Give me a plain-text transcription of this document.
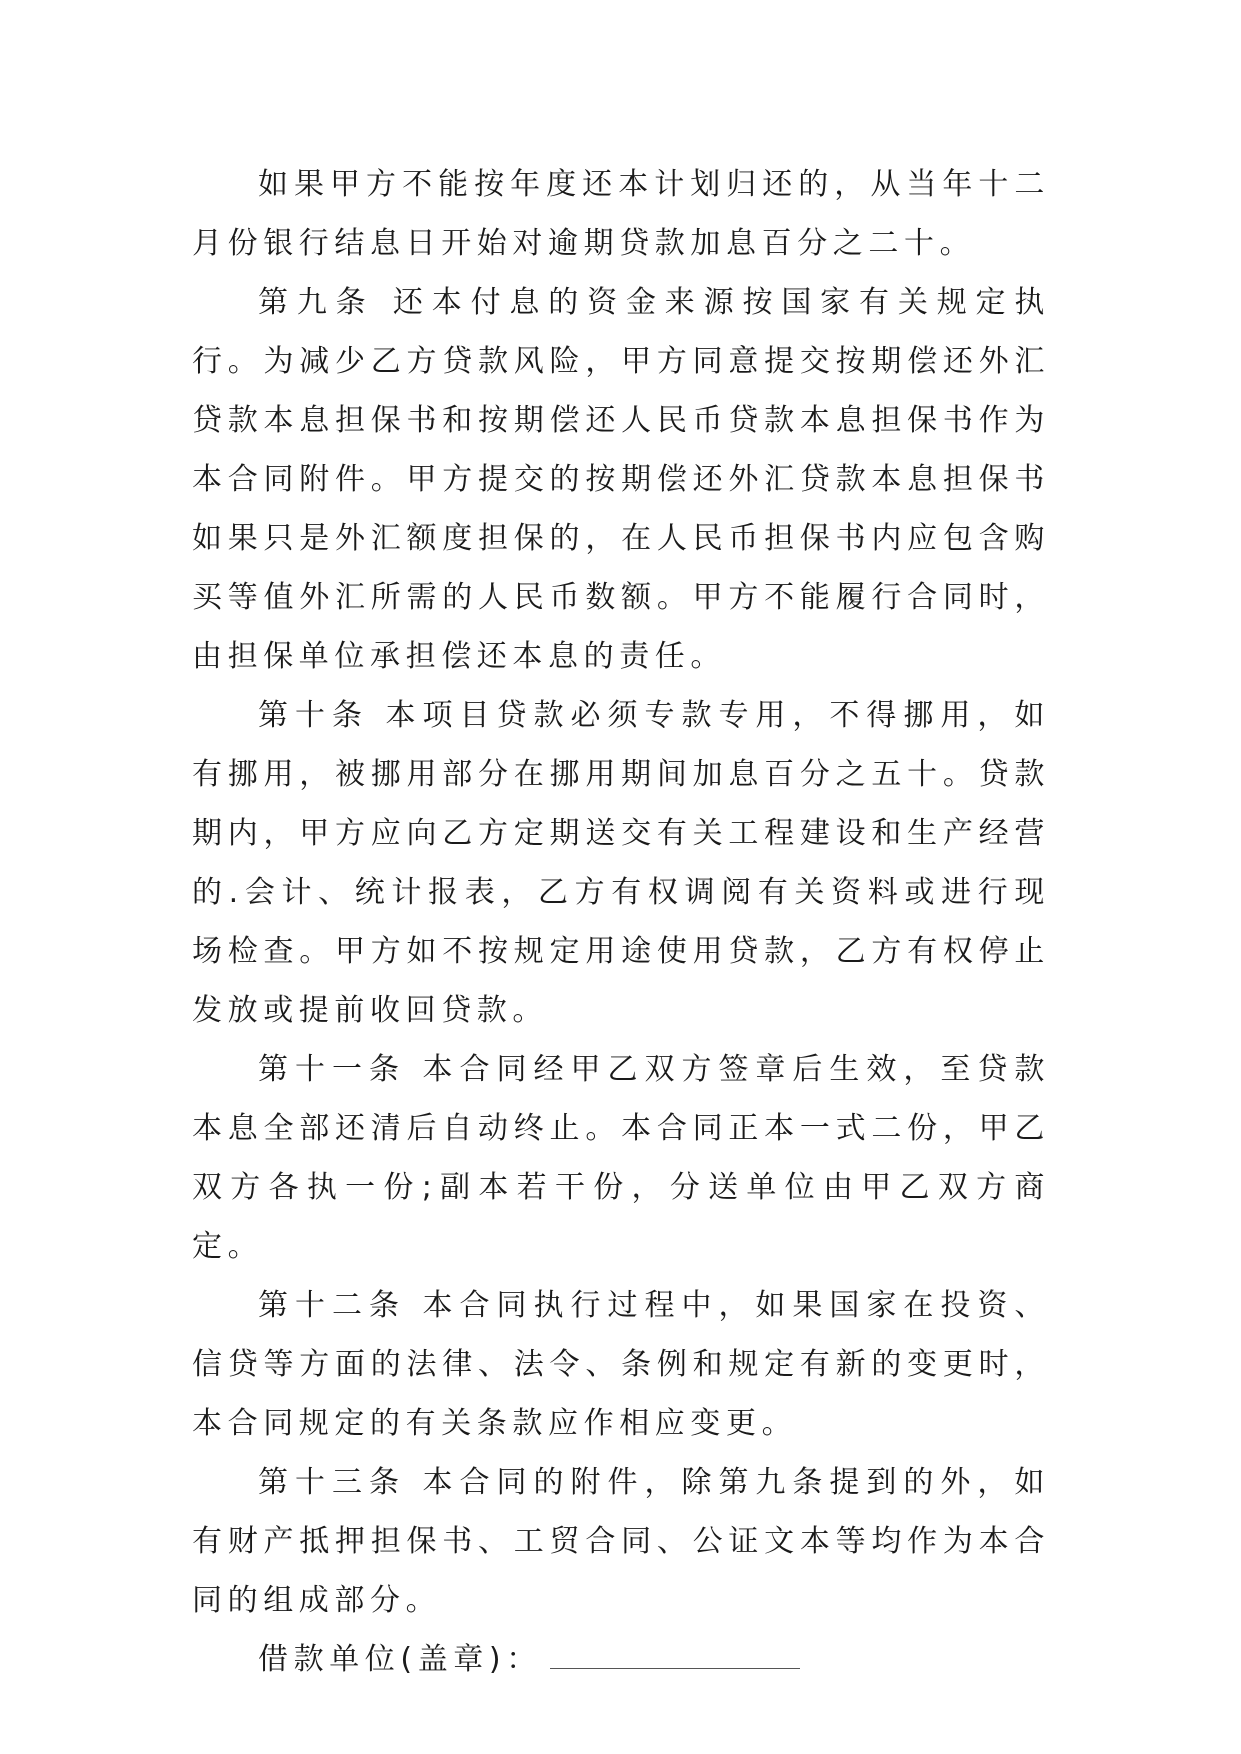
如果甲方不能按年度还本计划归还的，从当年十二月份银行结息日开始对逾期贷款加息百分之二十。

第九条 还本付息的资金来源按国家有关规定执行。为减少乙方贷款风险，甲方同意提交按期偿还外汇贷款本息担保书和按期偿还人民币贷款本息担保书作为本合同附件。甲方提交的按期偿还外汇贷款本息担保书如果只是外汇额度担保的，在人民币担保书内应包含购买等值外汇所需的人民币数额。甲方不能履行合同时，由担保单位承担偿还本息的责任。

第十条 本项目贷款必须专款专用，不得挪用，如有挪用，被挪用部分在挪用期间加息百分之五十。贷款期内，甲方应向乙方定期送交有关工程建设和生产经营的.会计、统计报表，乙方有权调阅有关资料或进行现场检查。甲方如不按规定用途使用贷款，乙方有权停止发放或提前收回贷款。

第十一条 本合同经甲乙双方签章后生效，至贷款本息全部还清后自动终止。本合同正本一式二份，甲乙双方各执一份;副本若干份，分送单位由甲乙双方商定。

第十二条 本合同执行过程中，如果国家在投资、信贷等方面的法律、法令、条例和规定有新的变更时，本合同规定的有关条款应作相应变更。

第十三条 本合同的附件，除第九条提到的外，如有财产抵押担保书、工贸合同、公证文本等均作为本合同的组成部分。

借款单位(盖章)：
